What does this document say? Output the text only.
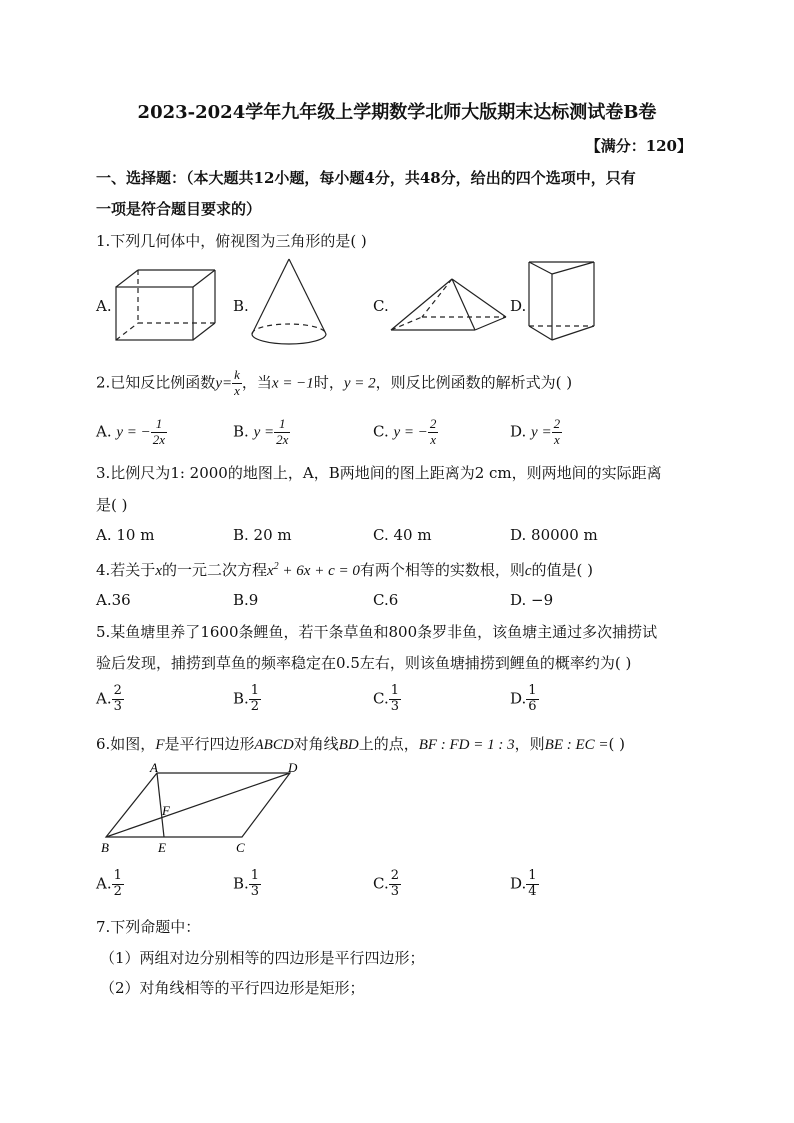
2023-2024学年九年级上学期数学北师大版期末达标测试卷B卷
【满分：120】
一、选择题：（本大题共12小题，每小题4分，共48分，给出的四个选项中，只有
一项是符合题目要求的）
1.下列几何体中，俯视图为三角形的是( )
A.	B.	C.	D.
2.已知反比例函数$y= \frac{k}{x}$ ，当x = −1时，y = 2，则反比例函数的解析式为( )
A. y = − $\frac{1}{2x}$	B. $y = \frac{1}{2x}$	C. y = − $\frac{2}{x}$	D. $y = \frac{2}{x}$
3.比例尺为1: 2000的地图上，A，B两地间的图上距离为2 cm，则两地间的实际距离
是( )
A. 10 m	B. 20 m	C. 40 m	D. 80000 m
4.若关于x的一元二次方程$x^2 + 6x + c = 0$有两个相等的实数根，则c的值是( )
A.36	B.9	C.6	D. −9
5.某鱼塘里养了1600条鲤鱼，若干条草鱼和800条罗非鱼，该鱼塘主通过多次捕捞试
验后发现，捕捞到草鱼的频率稳定在0.5左右，则该鱼塘捕捞到鲤鱼的概率约为( )
A. $\frac{2}{3}$	B. $\frac{1}{2}$	C. $\frac{1}{3}$	D. $\frac{1}{6}$
6.如图，F是平行四边形ABCD对角线BD上的点，BF : FD = 1 : 3，则BE : EC =( )
A	D
F
B	E	C
A. $\frac{1}{2}$	B. $\frac{1}{3}$	C. $\frac{2}{3}$	D. $\frac{1}{4}$
7.下列命题中：
（1）两组对边分别相等的四边形是平行四边形；
（2）对角线相等的平行四边形是矩形；
